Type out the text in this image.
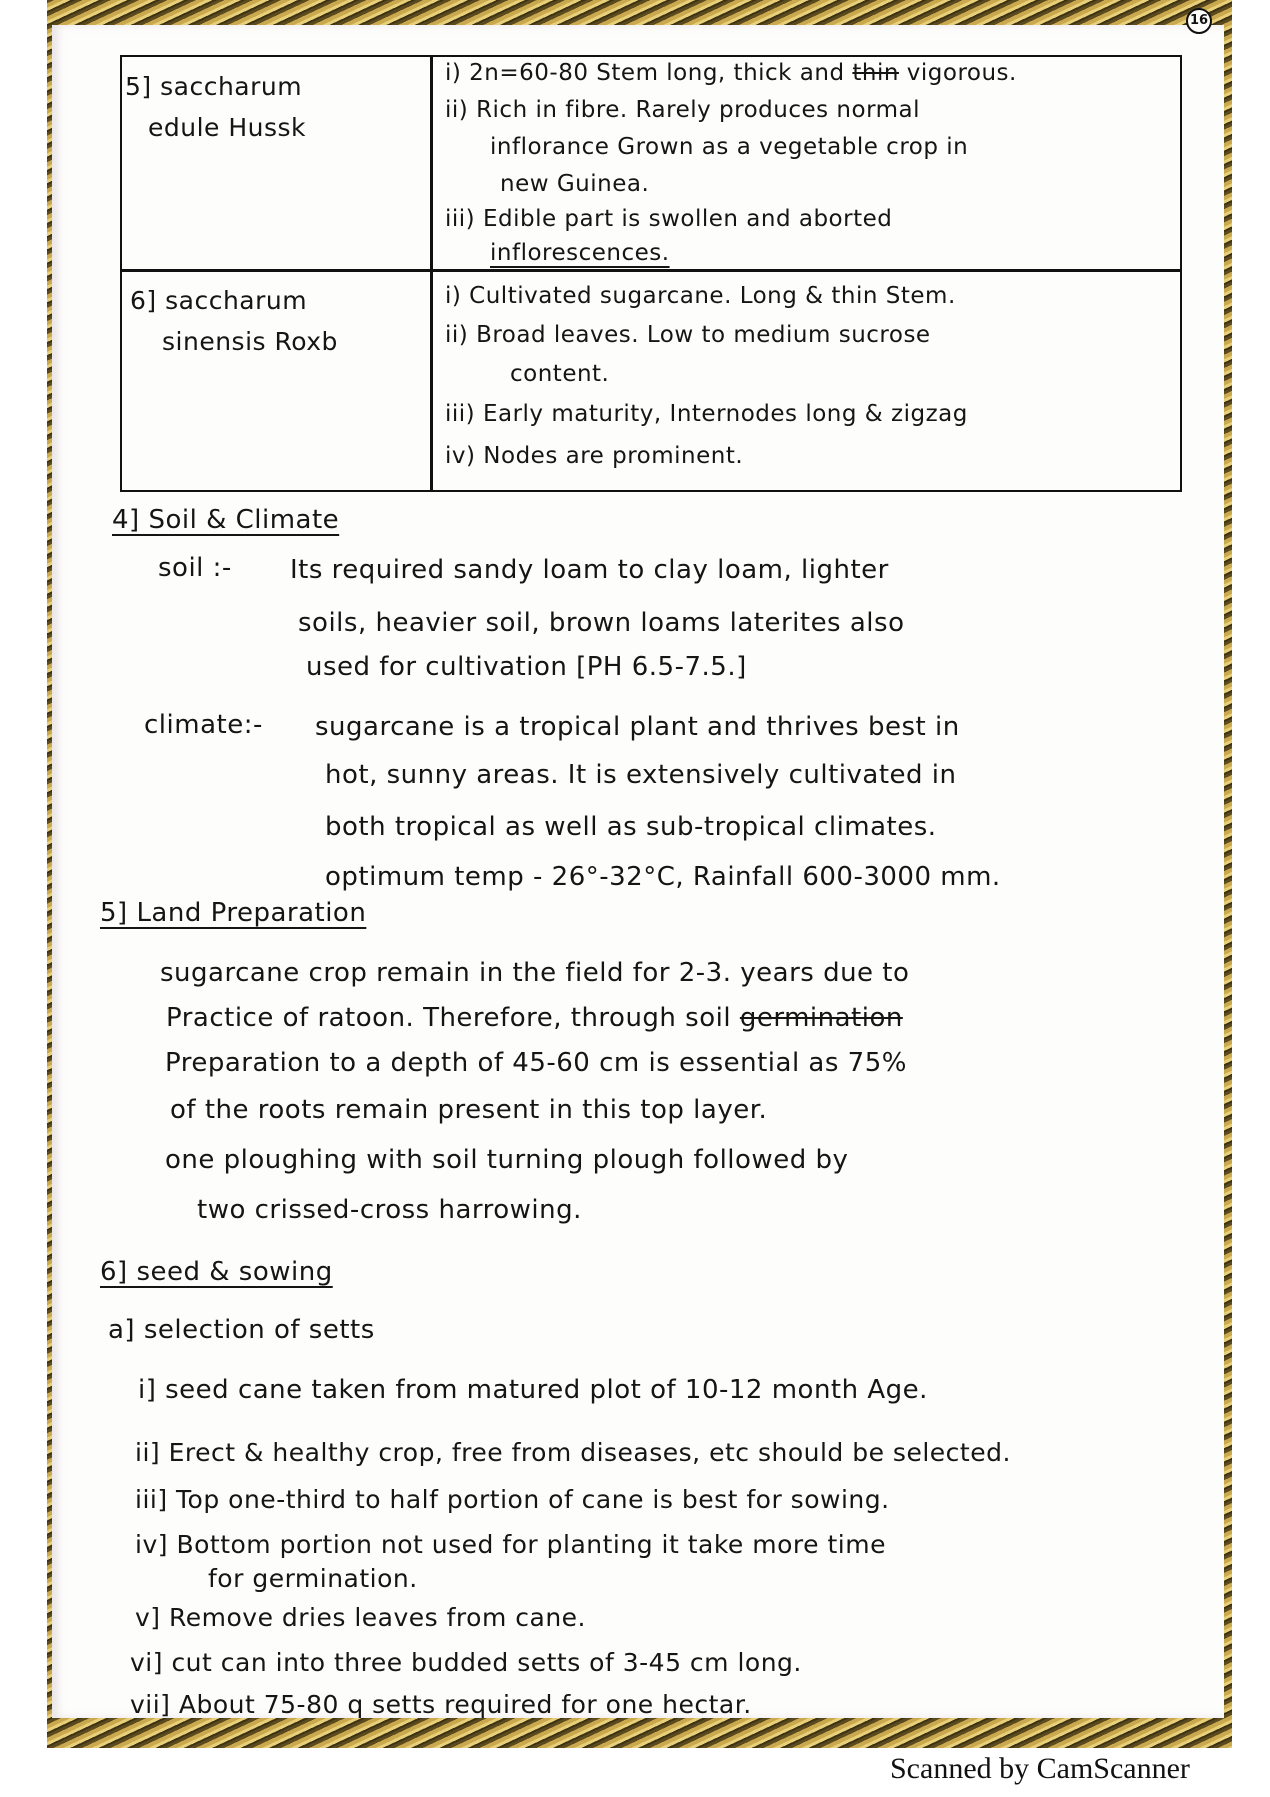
16
5] saccharum
edule Hussk
i) 2n=60-80 Stem long, thick and thin vigorous.
ii) Rich in fibre. Rarely produces normal
inflorance Grown as a vegetable crop in
new Guinea.
iii) Edible part is swollen and aborted
inflorescences.
6] saccharum
sinensis Roxb
i) Cultivated sugarcane. Long & thin Stem.
ii) Broad leaves. Low to medium sucrose
content.
iii) Early maturity, Internodes long & zigzag
iv) Nodes are prominent.
4] Soil & Climate
soil :- Its required sandy loam to clay loam, lighter
soils, heavier soil, brown loams laterites also
used for cultivation [PH 6.5-7.5.]
climate:- sugarcane is a tropical plant and thrives best in
hot, sunny areas. It is extensively cultivated in
both tropical as well as sub-tropical climates.
optimum temp - 26°-32°C, Rainfall 600-3000 mm.
5] Land Preparation
sugarcane crop remain in the field for 2-3. years due to
Practice of ratoon. Therefore, through soil germination
Preparation to a depth of 45-60 cm is essential as 75%
of the roots remain present in this top layer.
one ploughing with soil turning plough followed by
two crissed-cross harrowing.
6] seed & sowing
a] selection of setts
i] seed cane taken from matured plot of 10-12 month Age.
ii] Erect & healthy crop, free from diseases, etc should be selected.
iii] Top one-third to half portion of cane is best for sowing.
iv] Bottom portion not used for planting it take more time
for germination.
v] Remove dries leaves from cane.
vi] cut can into three budded setts of 3-45 cm long.
vii] About 75-80 q setts required for one hectar.
Scanned by CamScanner
